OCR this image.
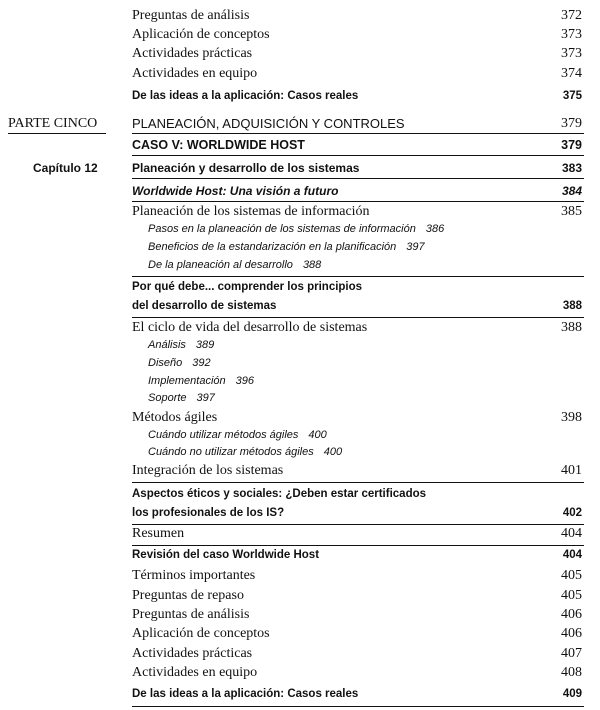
Preguntas de análisis	372
Aplicación de conceptos	373
Actividades prácticas	373
Actividades en equipo	374
De las ideas a la aplicación: Casos reales	375
PARTE CINCO	PLANEACIÓN, ADQUISICIÓN Y CONTROLES	379
CASO V: WORLDWIDE HOST	379
Capítulo 12	Planeación y desarrollo de los sistemas	383
Worldwide Host: Una visión a futuro	384
Planeación de los sistemas de información	385
Pasos en la planeación de los sistemas de información 386
Beneficios de la estandarización en la planificación 397
De la planeación al desarrollo 388
Por qué debe... comprender los principios
del desarrollo de sistemas	388
El ciclo de vida del desarrollo de sistemas	388
Análisis 389
Diseño 392
Implementación 396
Soporte 397
Métodos ágiles	398
Cuándo utilizar métodos ágiles 400
Cuándo no utilizar métodos ágiles 400
Integración de los sistemas	401
Aspectos éticos y sociales: ¿Deben estar certificados
los profesionales de los IS?	402
Resumen	404
Revisión del caso Worldwide Host	404
Términos importantes	405
Preguntas de repaso	405
Preguntas de análisis	406
Aplicación de conceptos	406
Actividades prácticas	407
Actividades en equipo	408
De las ideas a la aplicación: Casos reales	409
